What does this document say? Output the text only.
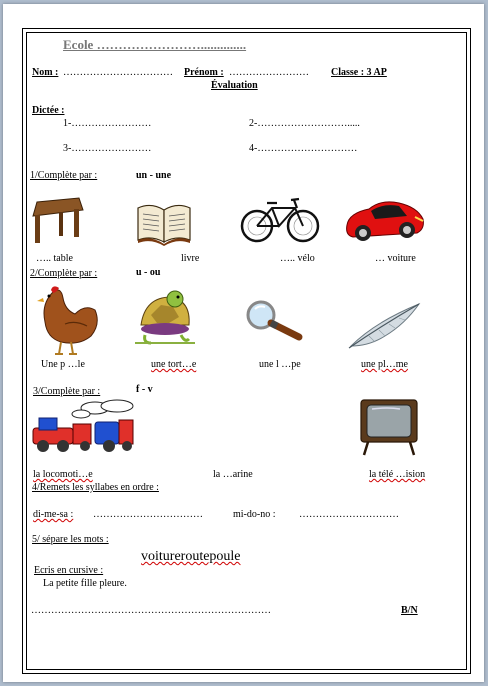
Ecole ……………………..............
Nom : …………………………… Prénom : …………………… Classe : 3 AP
Évaluation
Dictée :
1-……………………	2-……………………….....
3-……………………	4-…………………………
1/Complète par :	un - une
….. table	livre	….. vélo	… voiture
2/Complète par :	u - ou
Une p …le	une tort…e	une l …pe	une pl…me
3/Complète par :	f - v
la locomoti…e	la …arine	la télé …ision
4/Remets les syllabes en ordre :
di-me-sa : ……………………………	mi-do-no : …………………………
5/ sépare les mots :
voitureroutepoule
Ecris en cursive :
La petite fille pleure.
………………………………………………………………	B/N
